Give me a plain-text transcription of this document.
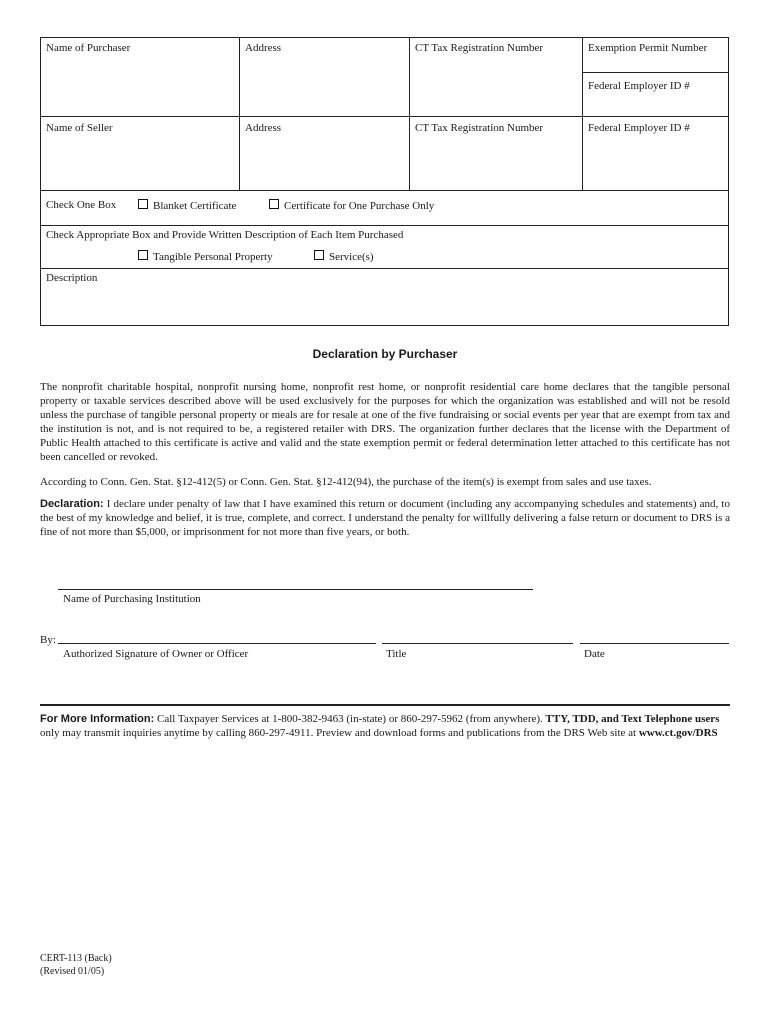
Name of Purchaser	Address	CT Tax Registration Number	Exemption Permit Number
Federal Employer ID #
Name of Seller	Address	CT Tax Registration Number	Federal Employer ID #
Check One Box	Blanket Certificate	Certificate for One Purchase Only
Check Appropriate Box and Provide Written Description of Each Item Purchased
Tangible Personal Property	Service(s)
Description
Declaration by Purchaser
The nonprofit charitable hospital, nonprofit nursing home, nonprofit rest home, or nonprofit residential care home declares that the tangible personal property or taxable services described above will be used exclusively for the purposes for which the organization was established and will not be resold unless the purchase of tangible personal property or meals are for resale at one of the five fundraising or social events per year that are exempt from tax and the institution is not, and is not required to be, a registered retailer with DRS. The organization further declares that the license with the Department of Public Health attached to this certificate is active and valid and the state exemption permit or federal determination letter attached to this certificate has not been cancelled or revoked.
According to Conn. Gen. Stat. §12-412(5) or Conn. Gen. Stat. §12-412(94), the purchase of the item(s) is exempt from sales and use taxes.
Declaration: I declare under penalty of law that I have examined this return or document (including any accompanying schedules and statements) and, to the best of my knowledge and belief, it is true, complete, and correct. I understand the penalty for willfully delivering a false return or document to DRS is a fine of not more than $5,000, or imprisonment for not more than five years, or both.
Name of Purchasing Institution
By:
Authorized Signature of Owner or Officer	Title	Date
For More Information: Call Taxpayer Services at 1-800-382-9463 (in-state) or 860-297-5962 (from anywhere). TTY, TDD, and Text Telephone users
only may transmit inquiries anytime by calling 860-297-4911. Preview and download forms and publications from the DRS Web site at www.ct.gov/DRS
CERT-113 (Back)
(Revised 01/05)
